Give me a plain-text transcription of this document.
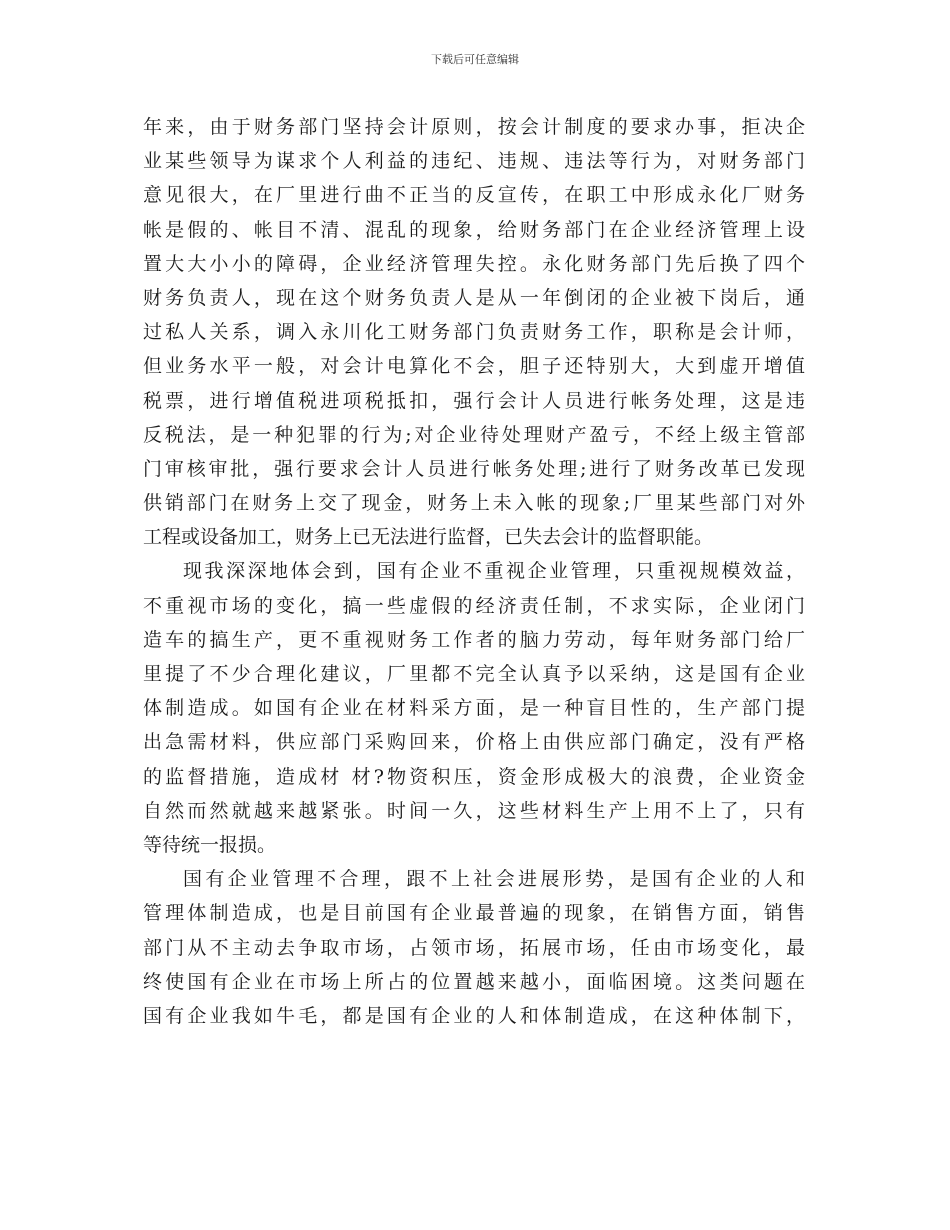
下载后可任意编辑
年来，由于财务部门坚持会计原则，按会计制度的要求办事，拒决企
业某些领导为谋求个人利益的违纪、违规、违法等行为，对财务部门
意见很大，在厂里进行曲不正当的反宣传，在职工中形成永化厂财务
帐是假的、帐目不清、混乱的现象，给财务部门在企业经济管理上设
置大大小小的障碍，企业经济管理失控。永化财务部门先后换了四个
财务负责人，现在这个财务负责人是从一年倒闭的企业被下岗后，通
过私人关系，调入永川化工财务部门负责财务工作，职称是会计师，
但业务水平一般，对会计电算化不会，胆子还特别大，大到虚开增值
税票，进行增值税进项税抵扣，强行会计人员进行帐务处理，这是违
反税法，是一种犯罪的行为;对企业待处理财产盈亏，不经上级主管部
门审核审批，强行要求会计人员进行帐务处理;进行了财务改革已发现
供销部门在财务上交了现金，财务上未入帐的现象;厂里某些部门对外
工程或设备加工，财务上已无法进行监督，已失去会计的监督职能。
现我深深地体会到，国有企业不重视企业管理，只重视规模效益，
不重视市场的变化，搞一些虚假的经济责任制，不求实际，企业闭门
造车的搞生产，更不重视财务工作者的脑力劳动，每年财务部门给厂
里提了不少合理化建议，厂里都不完全认真予以采纳，这是国有企业
体制造成。如国有企业在材料采方面，是一种盲目性的，生产部门提
出急需材料，供应部门采购回来，价格上由供应部门确定，没有严格
的监督措施，造成材 材?物资积压，资金形成极大的浪费，企业资金
自然而然就越来越紧张。时间一久，这些材料生产上用不上了，只有
等待统一报损。
国有企业管理不合理，跟不上社会进展形势，是国有企业的人和
管理体制造成，也是目前国有企业最普遍的现象，在销售方面，销售
部门从不主动去争取市场，占领市场，拓展市场，任由市场变化，最
终使国有企业在市场上所占的位置越来越小，面临困境。这类问题在
国有企业我如牛毛，都是国有企业的人和体制造成，在这种体制下，
